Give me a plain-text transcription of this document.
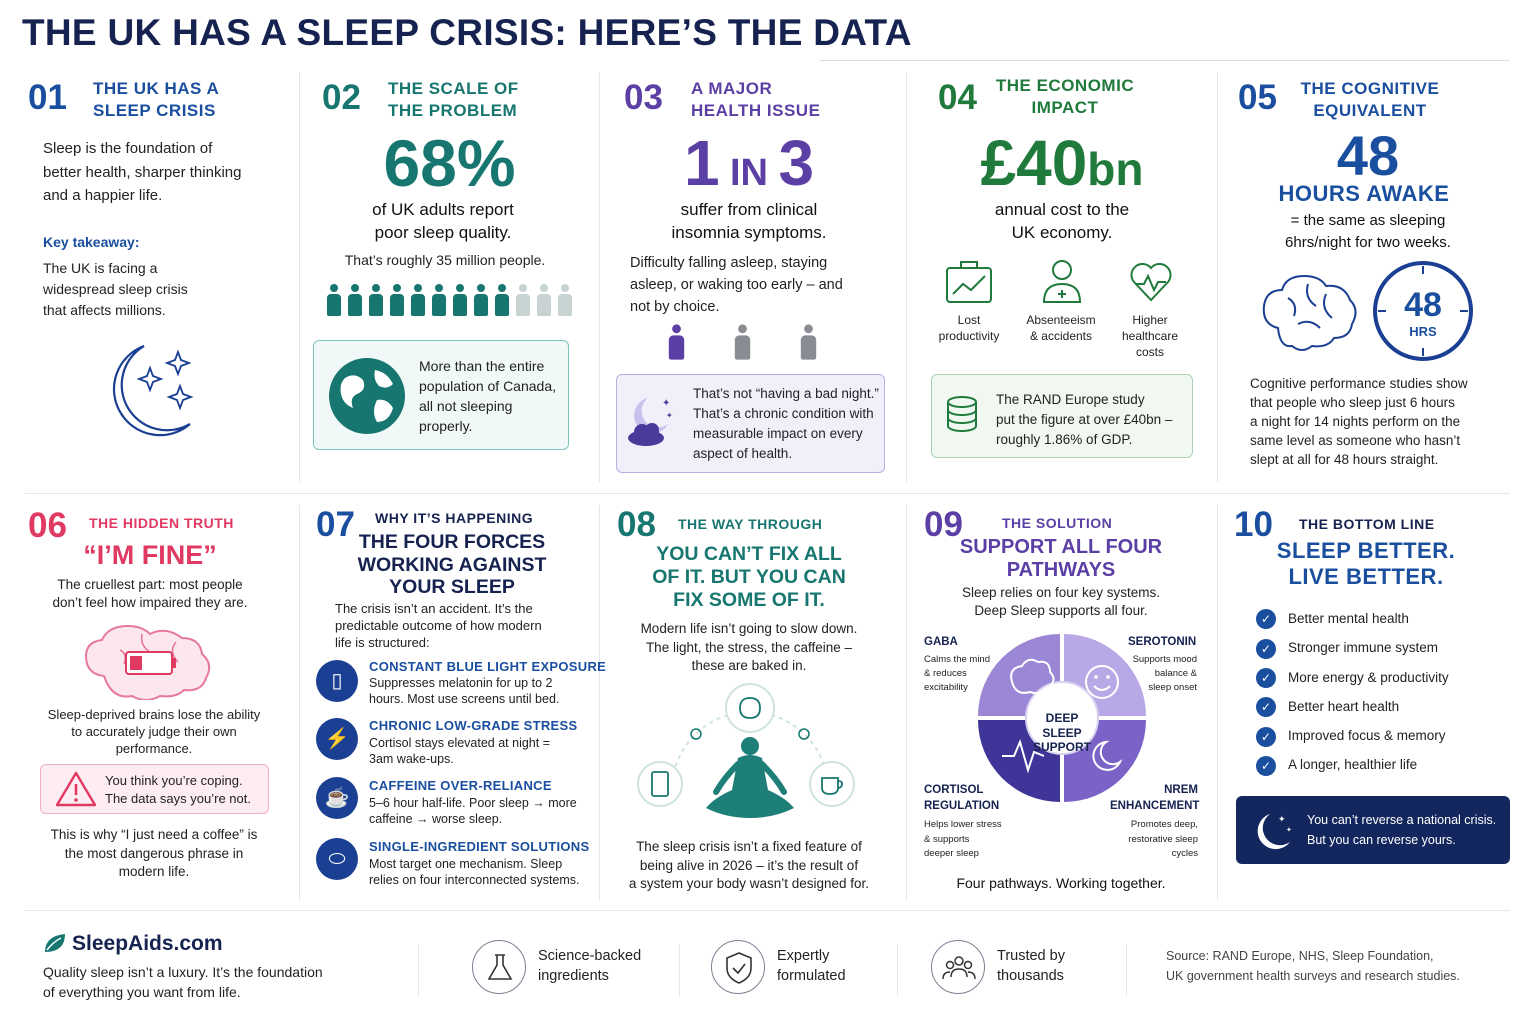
THE UK HAS A SLEEP CRISIS: HERE’S THE DATA
01 THE UK HAS A
SLEEP CRISIS
Sleep is the foundation of
better health, sharper thinking
and a happier life.
Key takeaway:
The UK is facing a
widespread sleep crisis
that affects millions.
02 THE SCALE OF
THE PROBLEM
68%
of UK adults report
poor sleep quality.
That’s roughly 35 million people.
More than the entire
population of Canada,
all not sleeping
properly.
03 A MAJOR
HEALTH ISSUE
1 IN 3
suffer from clinical
insomnia symptoms.
Difficulty falling asleep, staying
asleep, or waking too early – and
not by choice.
✦
✦
That’s not “having a bad night.”
That’s a chronic condition with
measurable impact on every
aspect of health.
04	THE ECONOMIC
IMPACT
£40bn
annual cost to the
UK economy.
Lost
productivity
Absenteeism
& accidents
Higher
healthcare
costs
The RAND Europe study
put the figure at over £40bn –
roughly 1.86% of GDP.
05	THE COGNITIVE
EQUIVALENT
48
HOURS AWAKE
= the same as sleeping
6hrs/night for two weeks.
48
HRS
Cognitive performance studies show
that people who sleep just 6 hours
a night for 14 nights perform on the
same level as someone who hasn’t
slept at all for 48 hours straight.
06 THE HIDDEN TRUTH
“I’M FINE”
The cruellest part: most people
don’t feel how impaired they are.
Sleep-deprived brains lose the ability
to accurately judge their own
performance.
You think you’re coping.
The data says you’re not.
This is why “I just need a coffee” is
the most dangerous phrase in
modern life.
07 WHY IT’S HAPPENING
THE FOUR FORCES
WORKING AGAINST
YOUR SLEEP
The crisis isn’t an accident. It’s the
predictable outcome of how modern
life is structured:
▯
CONSTANT BLUE LIGHT EXPOSURE
Suppresses melatonin for up to 2
hours. Most use screens until bed.
⚡
CHRONIC LOW-GRADE STRESS
Cortisol stays elevated at night =
3am wake-ups.
☕
CAFFEINE OVER-RELIANCE
5–6 hour half-life. Poor sleep → more
caffeine → worse sleep.
⬭
SINGLE-INGREDIENT SOLUTIONS
Most target one mechanism. Sleep
relies on four interconnected systems.
08 THE WAY THROUGH
YOU CAN’T FIX ALL
OF IT. BUT YOU CAN
FIX SOME OF IT.
Modern life isn’t going to slow down.
The light, the stress, the caffeine –
these are baked in.
The sleep crisis isn’t a fixed feature of
being alive in 2026 – it’s the result of
a system your body wasn’t designed for.
09	THE SOLUTION
SUPPORT ALL FOUR
PATHWAYS
Sleep relies on four key systems.
Deep Sleep supports all four.
DEEP
SLEEP
SUPPORT
GABA
Calms the mind
& reduces
excitability
SEROTONIN
Supports mood
balance &
sleep onset
CORTISOL
REGULATION
Helps lower stress
& supports
deeper sleep
NREM
ENHANCEMENT
Promotes deep,
restorative sleep
cycles
Four pathways. Working together.
10 THE BOTTOM LINE
SLEEP BETTER.
LIVE BETTER.
✓ Better mental health
✓ Stronger immune system
✓ More energy & productivity
✓ Better heart health
✓ Improved focus & memory
✓ A longer, healthier life
✦
✦
You can’t reverse a national crisis.
But you can reverse yours.
SleepAids.com
Quality sleep isn’t a luxury. It’s the foundation
of everything you want from life.
Science-backed
ingredients
Expertly
formulated
Trusted by
thousands
Source: RAND Europe, NHS, Sleep Foundation,
UK government health surveys and research studies.
